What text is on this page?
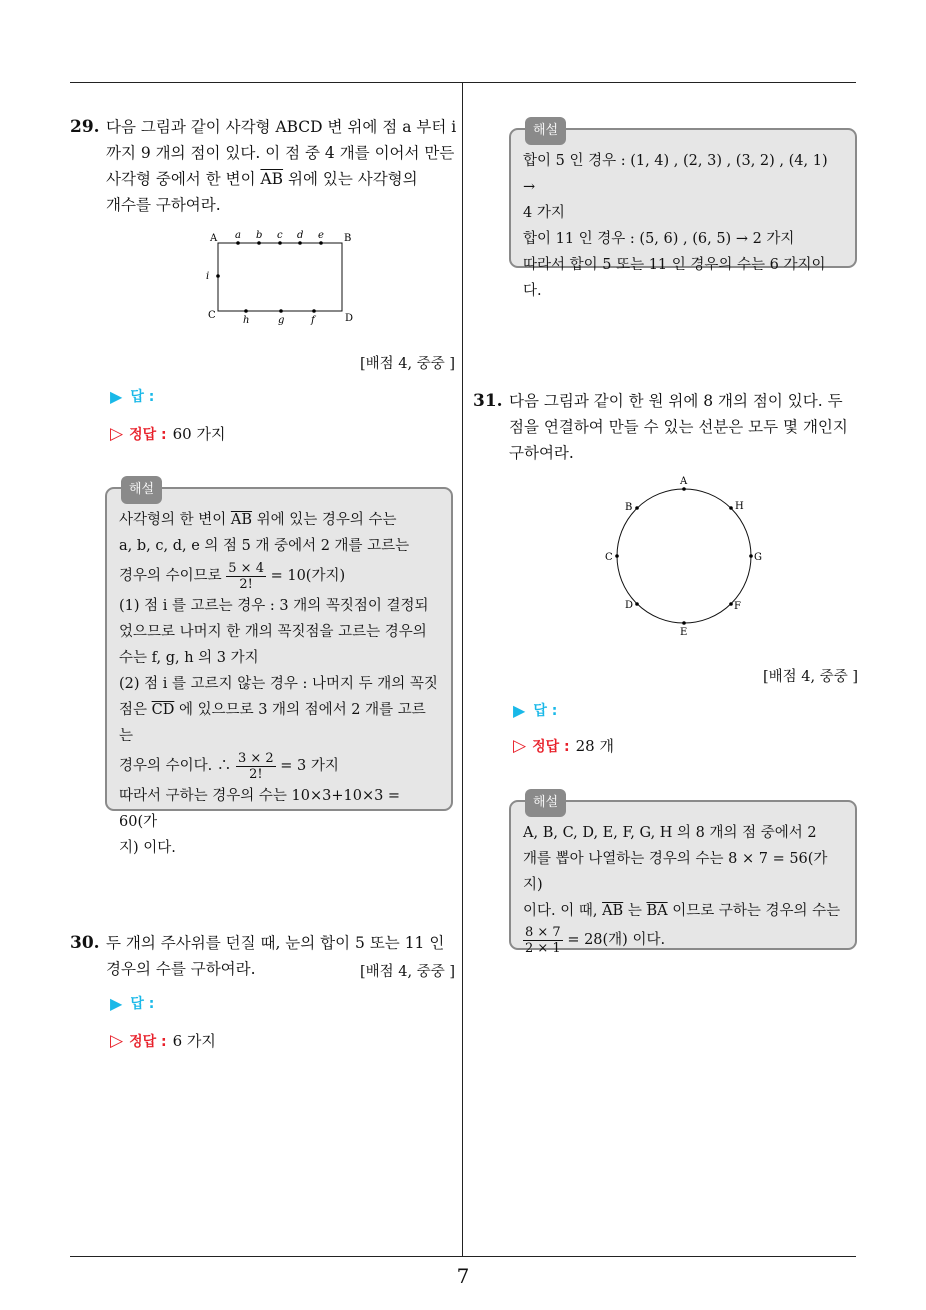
7
29. 다음 그림과 같이 사각형 ABCD 변 위에 점 a 부터 i
까지 9 개의 점이 있다. 이 점 중 4 개를 이어서 만든
사각형 중에서 한 변이 $\overline{AB}$ 위에 있는 사각형의
개수를 구하여라.
A	B
C	D
a b c d e
i
h	g	f
[배점 4, 중중 ]
▶ 답 :
▷ 정답 : 60 가지
해설

사각형의 한 변이 $\overline{AB}$ 위에 있는 경우의 수는

a, b, c, d, e 의 점 5 개 중에서 2 개를 고르는

경우의 수이므로 $\frac{5 \times 4}{2!} = 10$(가지)

(1) 점 i 를 고르는 경우 : 3 개의 꼭짓점이 결정되

었으므로 나머지 한 개의 꼭짓점을 고르는 경우의

수는 f, g, h 의 3 가지

(2) 점 i 를 고르지 않는 경우 : 나머지 두 개의 꼭짓

점은 $\overline{CD}$ 에 있으므로 3 개의 점에서 2 개를 고르는

경우의 수이다. ∴ $\frac{3 \times 2}{2!} = 3$ 가지

따라서 구하는 경우의 수는 10×3+10×3 = 60(가

지) 이다.

30. 두 개의 주사위를 던질 때, 눈의 합이 5 또는 11 인
경우의 수를 구하여라.	[배점 4, 중중 ]
▶ 답 :
▷ 정답 : 6 가지
해설

합이 5 인 경우 : (1, 4) , (2, 3) , (3, 2) , (4, 1) →

4 가지

합이 11 인 경우 : (5, 6) , (6, 5) → 2 가지

따라서 합이 5 또는 11 인 경우의 수는 6 가지이다.

31. 다음 그림과 같이 한 원 위에 8 개의 점이 있다. 두
점을 연결하여 만들 수 있는 선분은 모두 몇 개인지
구하여라.
A
H
G
F
E
D
C
B
[배점 4, 중중 ]
▶ 답 :
▷ 정답 : 28 개
해설

A, B, C, D, E, F, G, H 의 8 개의 점 중에서 2

개를 뽑아 나열하는 경우의 수는 8 × 7 = 56(가지)

이다. 이 때, $\overline{AB}$ 는 $\overline{BA}$ 이므로 구하는 경우의 수는

$\frac{8 \times 7}{2 \times 1} = 28$(개) 이다.
